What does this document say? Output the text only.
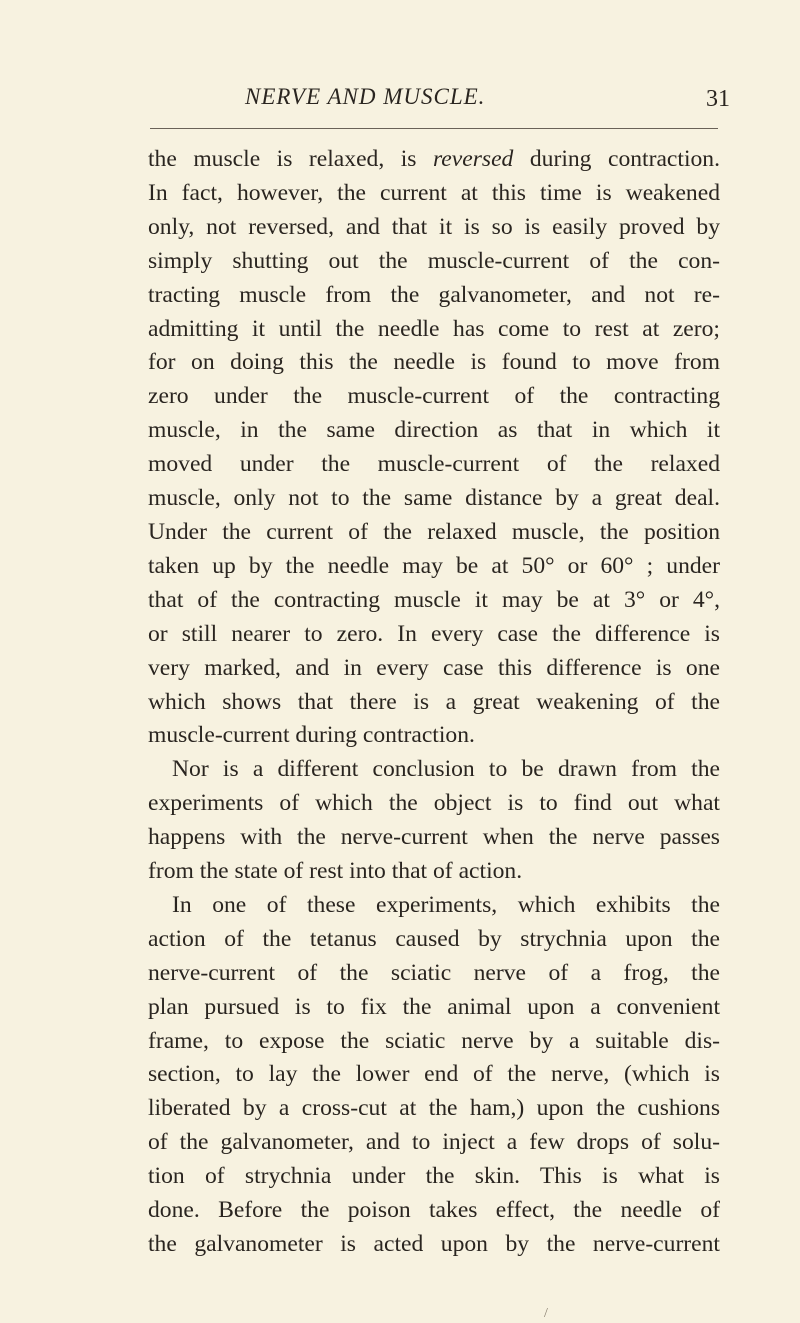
NERVE AND MUSCLE.	31
the muscle is relaxed, is reversed during contraction.
In fact, however, the current at this time is weakened
only, not reversed, and that it is so is easily proved by
simply shutting out the muscle-current of the con-
tracting muscle from the galvanometer, and not re-
admitting it until the needle has come to rest at zero;
for on doing this the needle is found to move from
zero under the muscle-current of the contracting
muscle, in the same direction as that in which it
moved under the muscle-current of the relaxed
muscle, only not to the same distance by a great deal.
Under the current of the relaxed muscle, the position
taken up by the needle may be at 50° or 60° ; under
that of the contracting muscle it may be at 3° or 4°,
or still nearer to zero. In every case the difference is
very marked, and in every case this difference is one
which shows that there is a great weakening of the
muscle-current during contraction.
Nor is a different conclusion to be drawn from the
experiments of which the object is to find out what
happens with the nerve-current when the nerve passes
from the state of rest into that of action.
In one of these experiments, which exhibits the
action of the tetanus caused by strychnia upon the
nerve-current of the sciatic nerve of a frog, the
plan pursued is to fix the animal upon a convenient
frame, to expose the sciatic nerve by a suitable dis-
section, to lay the lower end of the nerve, (which is
liberated by a cross-cut at the ham,) upon the cushions
of the galvanometer, and to inject a few drops of solu-
tion of strychnia under the skin. This is what is
done. Before the poison takes effect, the needle of
the galvanometer is acted upon by the nerve-current
/
